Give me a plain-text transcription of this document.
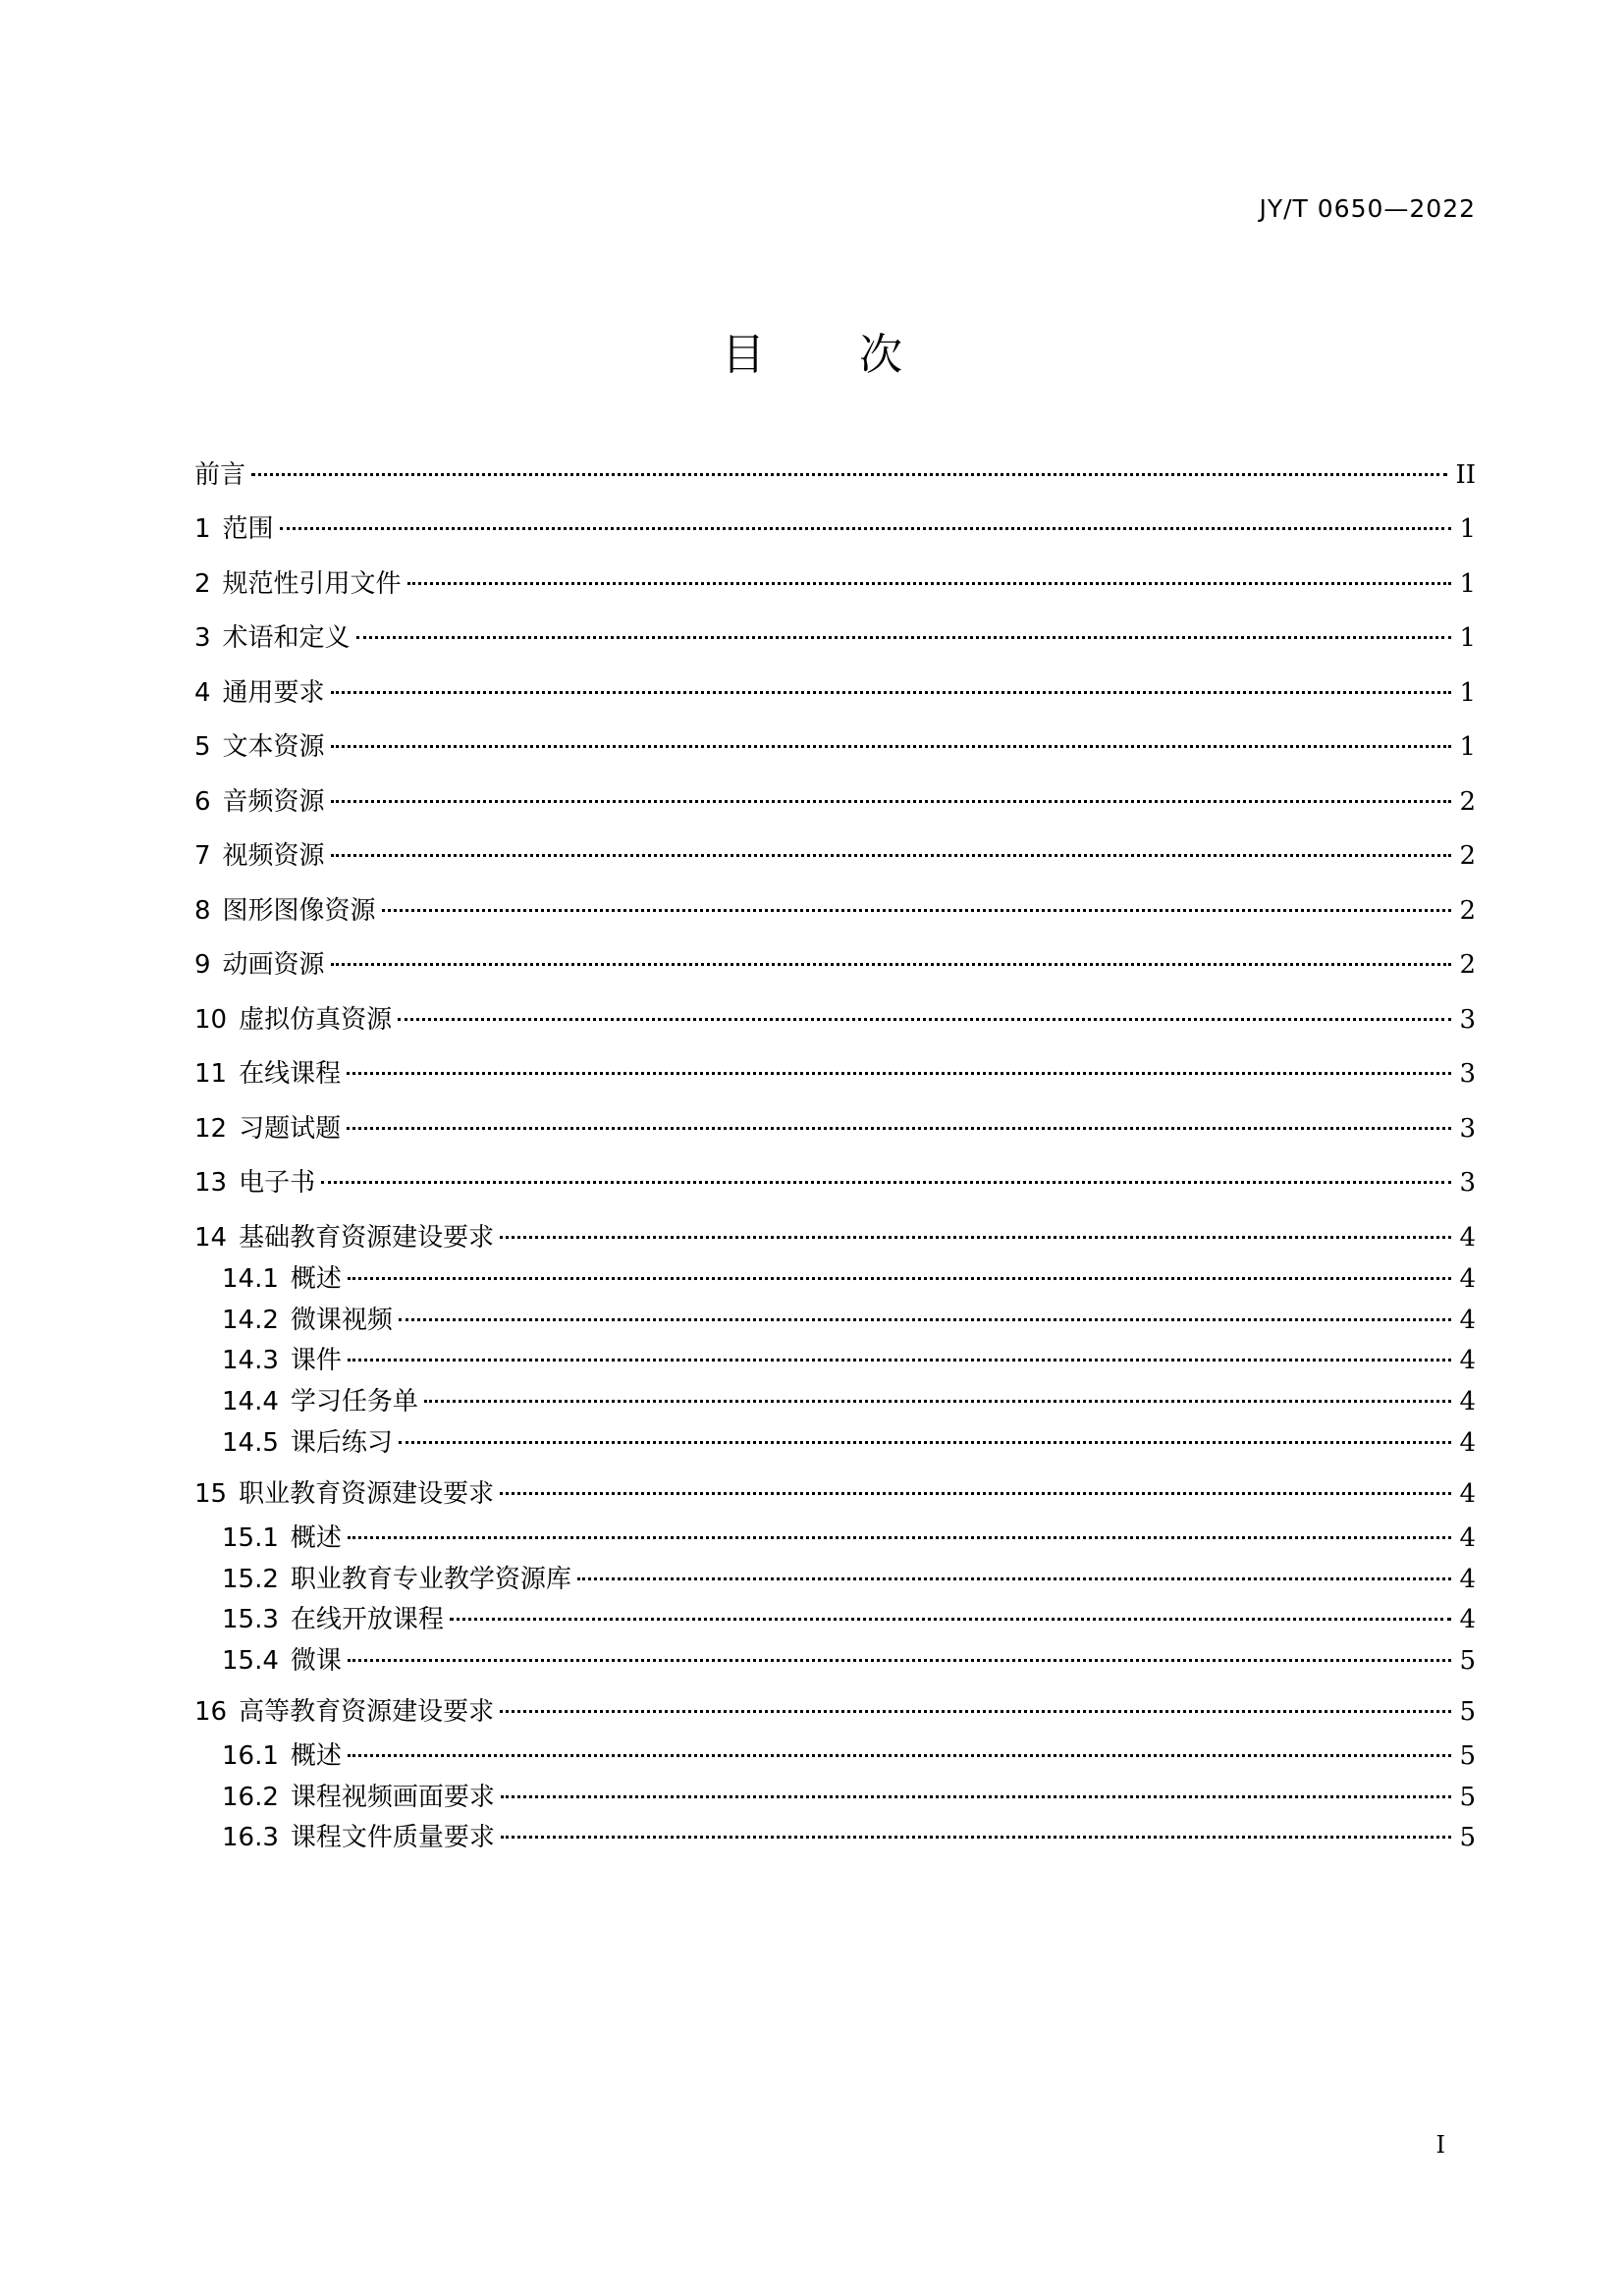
JY/T 0650—2022
目次
前言	II
1 范围	1
2 规范性引用文件	1
3 术语和定义	1
4 通用要求	1
5 文本资源	1
6 音频资源	2
7 视频资源	2
8 图形图像资源	2
9 动画资源	2
10 虚拟仿真资源	3
11 在线课程	3
12 习题试题	3
13 电子书	3
14 基础教育资源建设要求	4
14.1 概述	4
14.2 微课视频	4
14.3 课件	4
14.4 学习任务单	4
14.5 课后练习	4
15 职业教育资源建设要求	4
15.1 概述	4
15.2 职业教育专业教学资源库	4
15.3 在线开放课程	4
15.4 微课	5
16 高等教育资源建设要求	5
16.1 概述	5
16.2 课程视频画面要求	5
16.3 课程文件质量要求	5
I
